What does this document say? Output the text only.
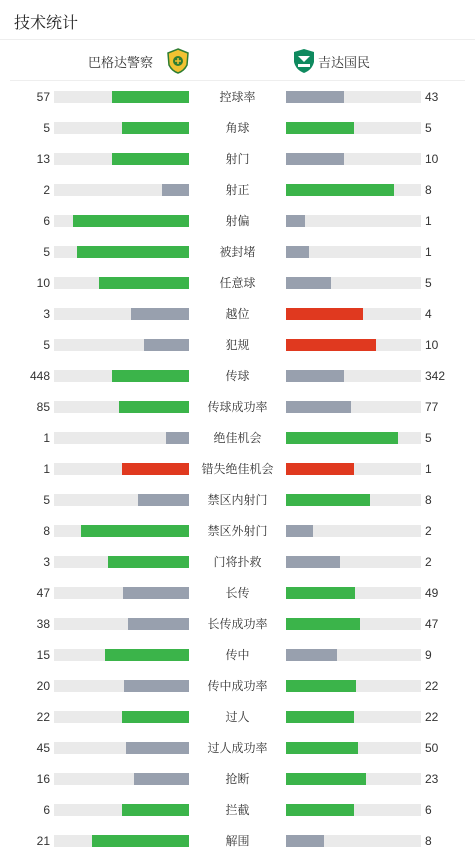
技术统计
巴格达警察	吉达国民
57	控球率	43
5	角球	5
13	射门	10
2	射正	8
6	射偏	1
5	被封堵	1
10	任意球	5
3	越位	4
5	犯规	10
448	传球	342
85	传球成功率	77
1	绝佳机会	5
1	错失绝佳机会	1
5	禁区内射门	8
8	禁区外射门	2
3	门将扑救	2
47	长传	49
38	长传成功率	47
15	传中	9
20	传中成功率	22
22	过人	22
45	过人成功率	50
16	抢断	23
6	拦截	6
21	解围	8
